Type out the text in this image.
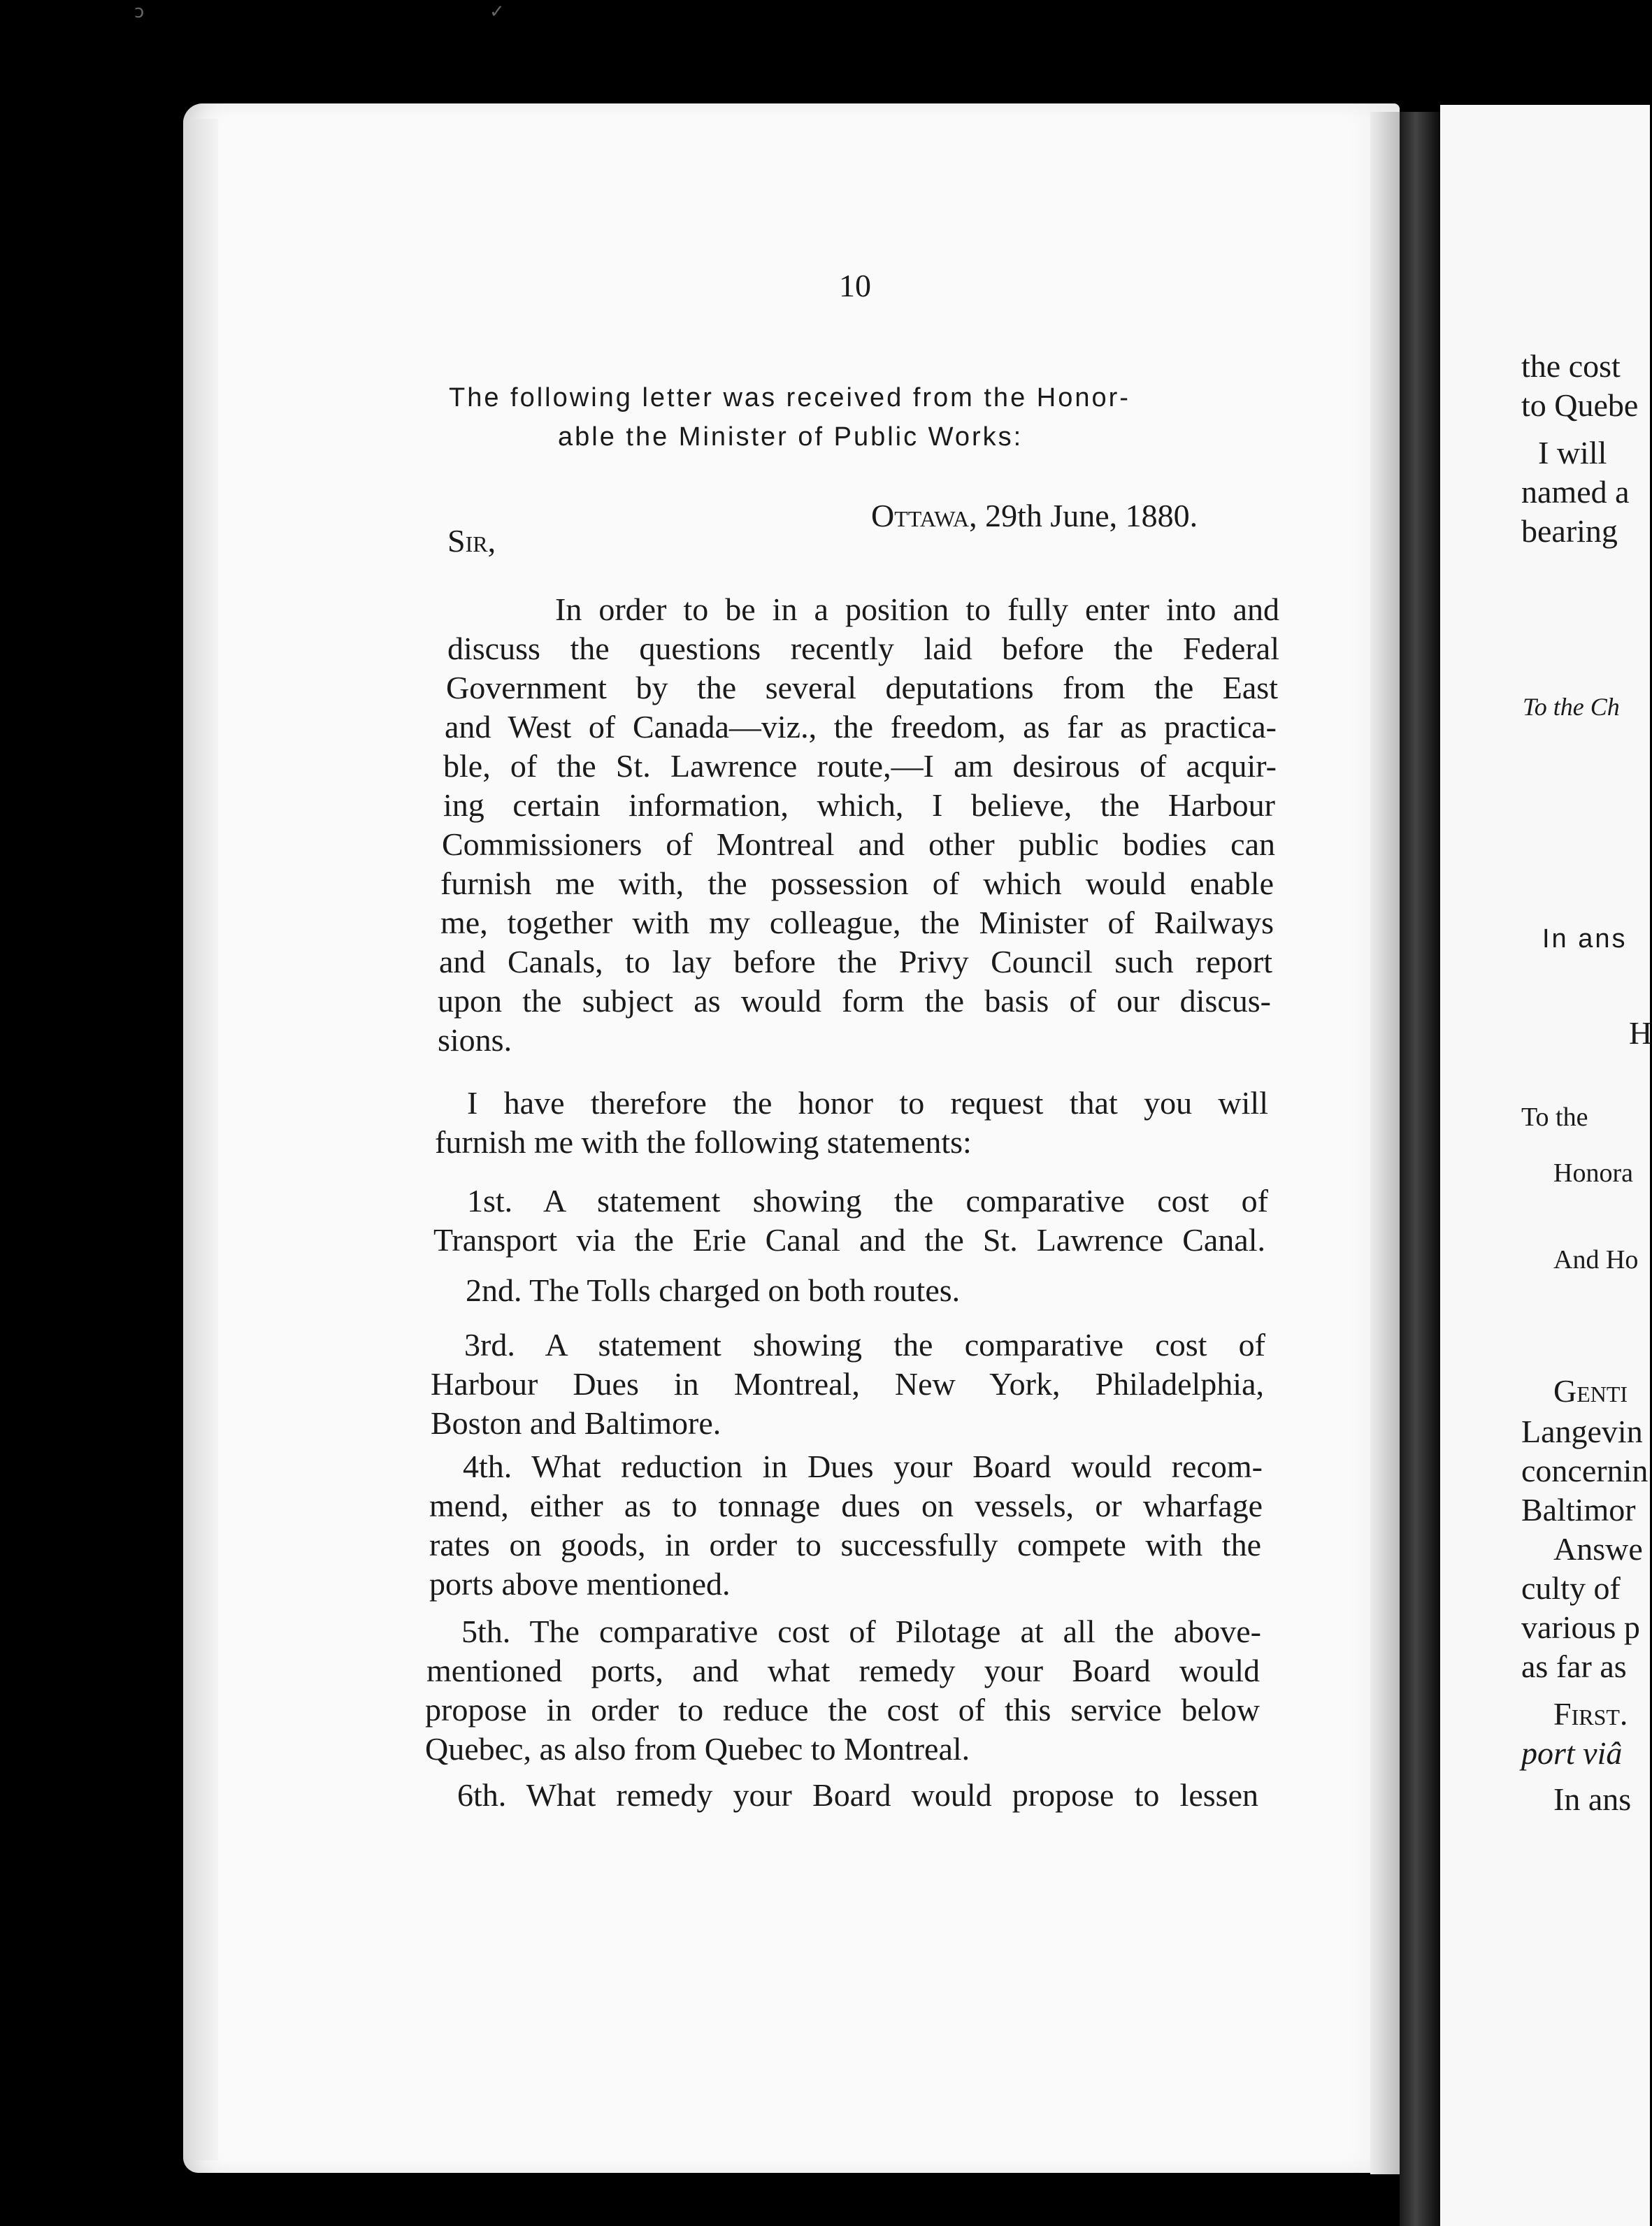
ↄ	✓

10

The following letter was received from the Honor-

able the Minister of Public Works:

Ottawa, 29th June, 1880.

Sir,

In order to be in a position to fully enter into and

discuss the questions recently laid before the Federal

Government by the several deputations from the East

and West of Canada—viz., the freedom, as far as practica-

ble, of the St. Lawrence route,—I am desirous of acquir-

ing certain information, which, I believe, the Harbour

Commissioners of Montreal and other public bodies can

furnish me with, the possession of which would enable

me, together with my colleague, the Minister of Railways

and Canals, to lay before the Privy Council such report

upon the subject as would form the basis of our discus-

sions.

I have therefore the honor to request that you will

furnish me with the following statements:

1st. A statement showing the comparative cost of

Transport via the Erie Canal and the St. Lawrence Canal.

2nd. The Tolls charged on both routes.

3rd. A statement showing the comparative cost of

Harbour Dues in Montreal, New York, Philadelphia,

Boston and Baltimore.

4th. What reduction in Dues your Board would recom-

mend, either as to tonnage dues on vessels, or wharfage

rates on goods, in order to successfully compete with the

ports above mentioned.

5th. The comparative cost of Pilotage at all the above-

mentioned ports, and what remedy your Board would

propose in order to reduce the cost of this service below

Quebec, as also from Quebec to Montreal.

6th. What remedy your Board would propose to lessen

the cost

to Quebe

I will

named a

bearing

To the Ch

In ans

H

To the

Honora

And Ho

Genti

Langevin

concernin

Baltimor

Answe

culty of

various p

as far as

First.

port viâ

In ans
